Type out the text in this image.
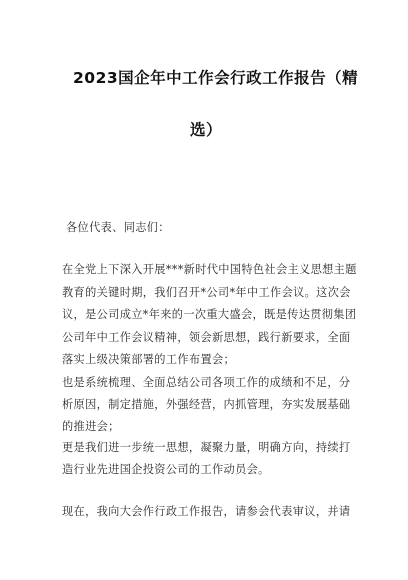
2023国企年中工作会行政工作报告（精
选）
各位代表、同志们：
在全党上下深入开展***新时代中国特色社会主义思想主题
教育的关键时期，我们召开*公司*年中工作会议。这次会
议，是公司成立*年来的一次重大盛会，既是传达贯彻集团
公司年中工作会议精神，领会新思想，践行新要求，全面
落实上级决策部署的工作布置会；
也是系统梳理、全面总结公司各项工作的成绩和不足，分
析原因，制定措施，外强经营，内抓管理，夯实发展基础
的推进会；
更是我们进一步统一思想，凝聚力量，明确方向，持续打
造行业先进国企投资公司的工作动员会。
现在，我向大会作行政工作报告，请参会代表审议，并请
